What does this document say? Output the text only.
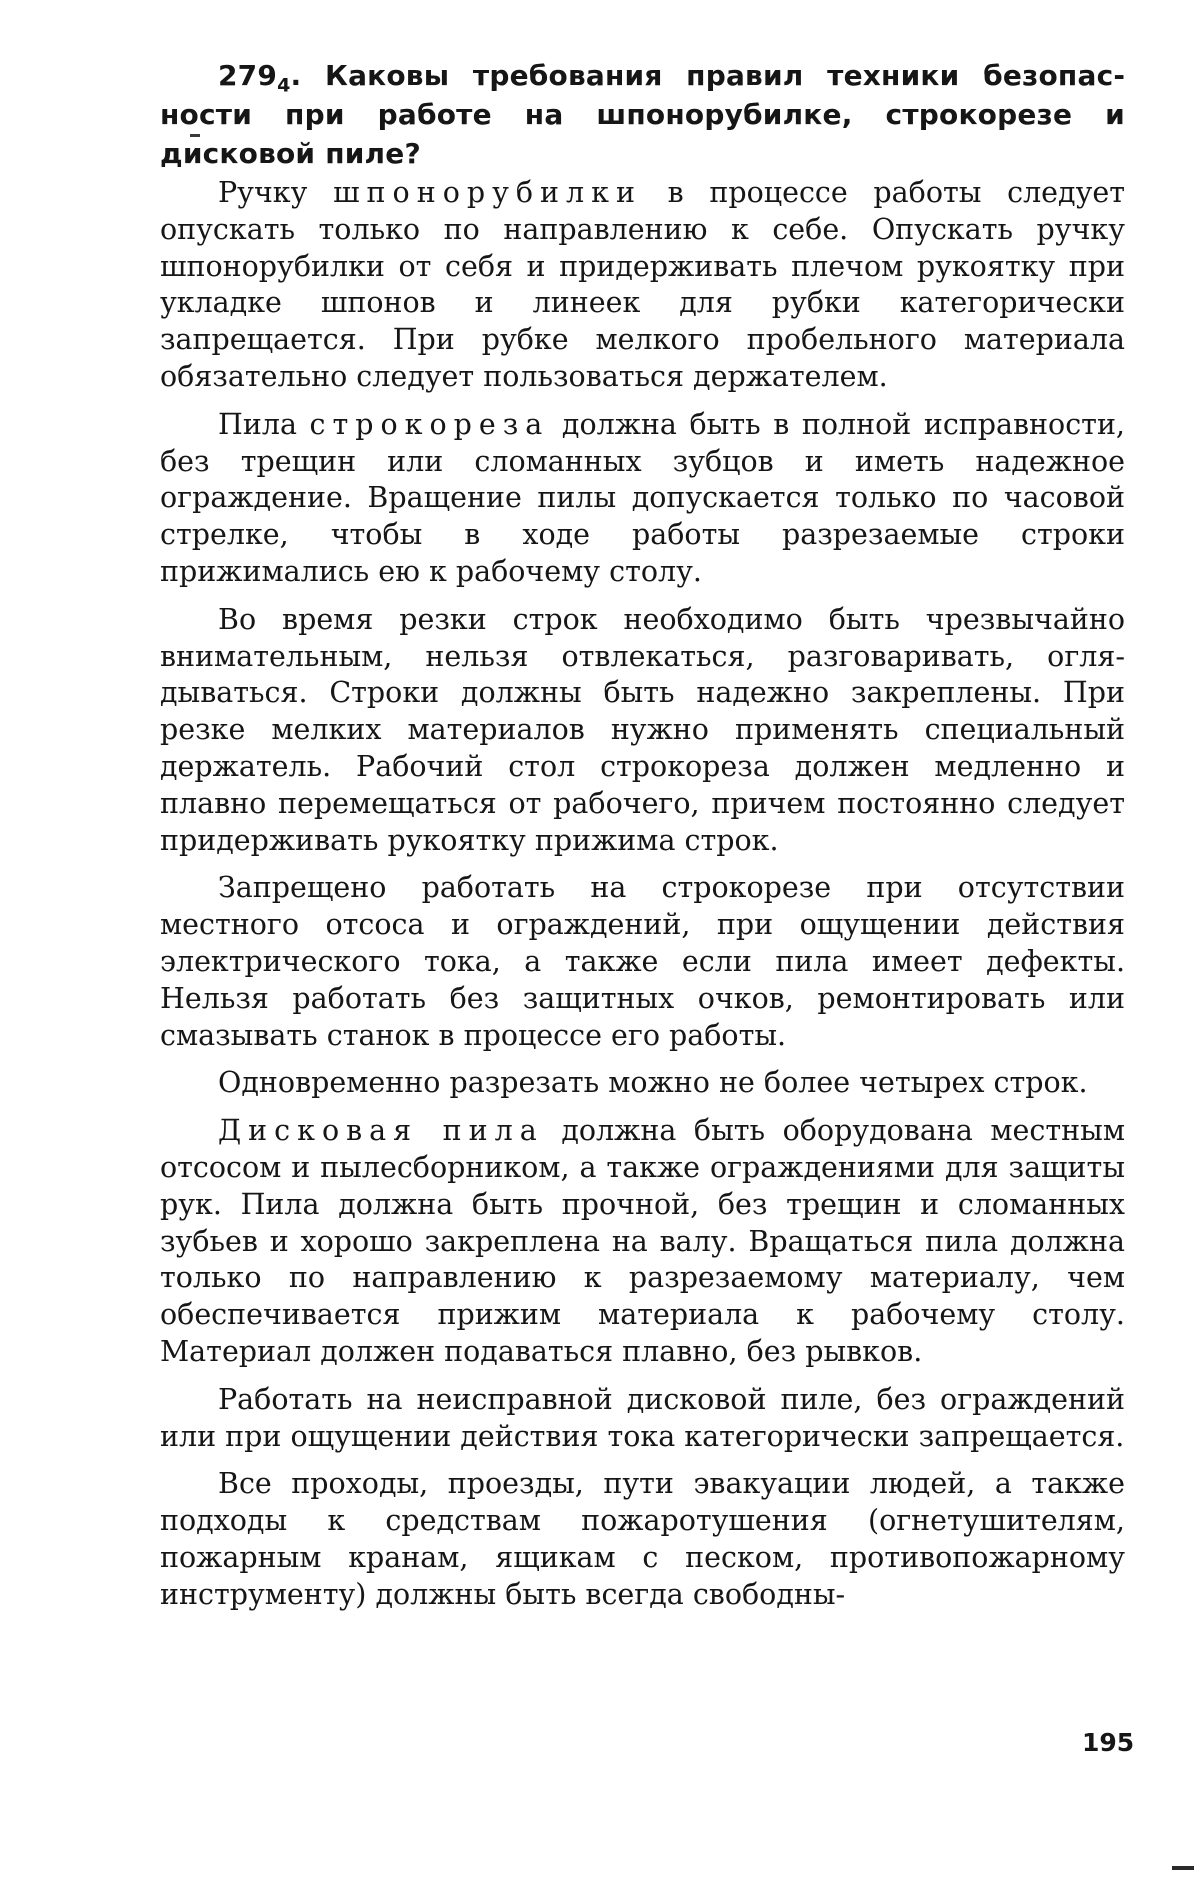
$279_4$. Каковы требования правил техники безопасности при работе на шпонорубилке, строкорезе и дисковой пиле?

Ручку шпонорубилки в процессе работы следует опускать только по направлению к себе. Опускать ручку шпонорубилки от себя и придерживать плечом рукоятку при укладке шпонов и линеек для рубки категорически запрещается. При рубке мелкого пробельного материала обязательно следует пользоваться держателем.

Пила строкореза должна быть в полной исправности, без трещин или сломанных зубцов и иметь надежное ограждение. Вращение пилы допускается только по часовой стрелке, чтобы в ходе работы разрезаемые строки прижимались ею к рабочему столу.

Во время резки строк необходимо быть чрезвычайно внимательным, нельзя отвлекаться, разговаривать, оглядываться. Строки должны быть надежно закреплены. При резке мелких материалов нужно применять специальный держатель. Рабочий стол строкореза должен медленно и плавно перемещаться от рабочего, причем постоянно следует придерживать рукоятку прижима строк.

Запрещено работать на строкорезе при отсутствии местного отсоса и ограждений, при ощущении действия электрического тока, а также если пила имеет дефекты. Нельзя работать без защитных очков, ремонтировать или смазывать станок в процессе его работы.

Одновременно разрезать можно не более четырех строк.

Дисковая пила должна быть оборудована местным отсосом и пылесборником, а также ограждениями для защиты рук. Пила должна быть прочной, без трещин и сломанных зубьев и хорошо закреплена на валу. Вращаться пила должна только по направлению к разрезаемому материалу, чем обеспечивается прижим материала к рабочему столу. Материал должен подаваться плавно, без рывков.

Работать на неисправной дисковой пиле, без ограждений или при ощущении действия тока категорически запрещается.

Все проходы, проезды, пути эвакуации людей, а также подходы к средствам пожаротушения (огнетушителям, пожарным кранам, ящикам с песком, противопожарному инструменту) должны быть всегда свободны-

195
